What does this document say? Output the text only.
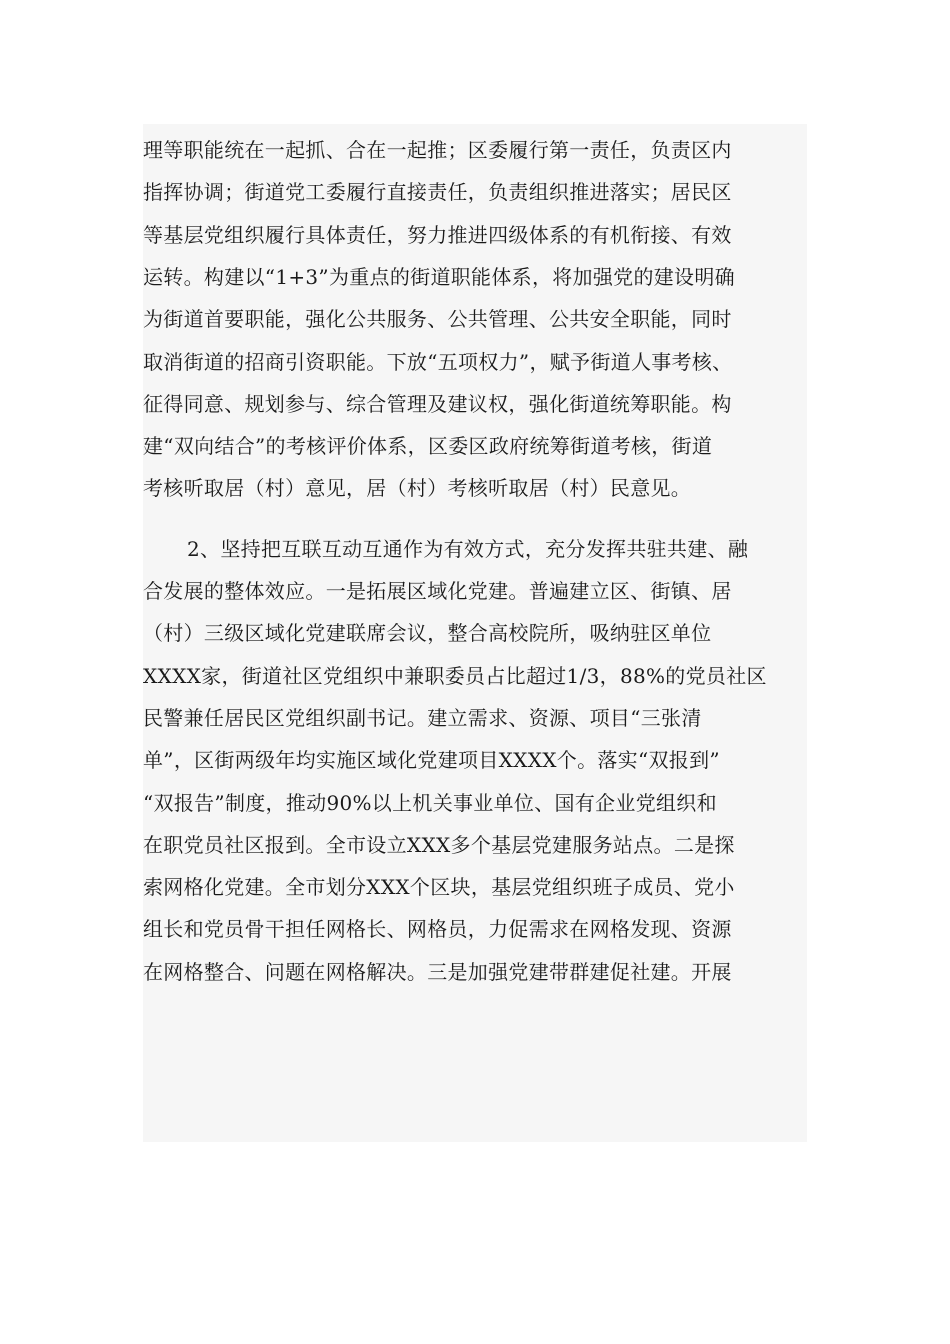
理等职能统在一起抓、合在一起推；区委履行第一责任，负责区内
指挥协调；街道党工委履行直接责任，负责组织推进落实；居民区
等基层党组织履行具体责任，努力推进四级体系的有机衔接、有效
运转。构建以“1+3”为重点的街道职能体系，将加强党的建设明确
为街道首要职能，强化公共服务、公共管理、公共安全职能，同时
取消街道的招商引资职能。下放“五项权力”，赋予街道人事考核、
征得同意、规划参与、综合管理及建议权，强化街道统筹职能。构
建“双向结合”的考核评价体系，区委区政府统筹街道考核，街道
考核听取居（村）意见，居（村）考核听取居（村）民意见。
2、坚持把互联互动互通作为有效方式，充分发挥共驻共建、融
合发展的整体效应。一是拓展区域化党建。普遍建立区、街镇、居
（村）三级区域化党建联席会议，整合高校院所，吸纳驻区单位
XXXX家，街道社区党组织中兼职委员占比超过1/3，88%的党员社区
民警兼任居民区党组织副书记。建立需求、资源、项目“三张清
单”，区街两级年均实施区域化党建项目XXXX个。落实“双报到”
“双报告”制度，推动90%以上机关事业单位、国有企业党组织和
在职党员社区报到。全市设立XXX多个基层党建服务站点。二是探
索网格化党建。全市划分XXX个区块，基层党组织班子成员、党小
组长和党员骨干担任网格长、网格员，力促需求在网格发现、资源
在网格整合、问题在网格解决。三是加强党建带群建促社建。开展
